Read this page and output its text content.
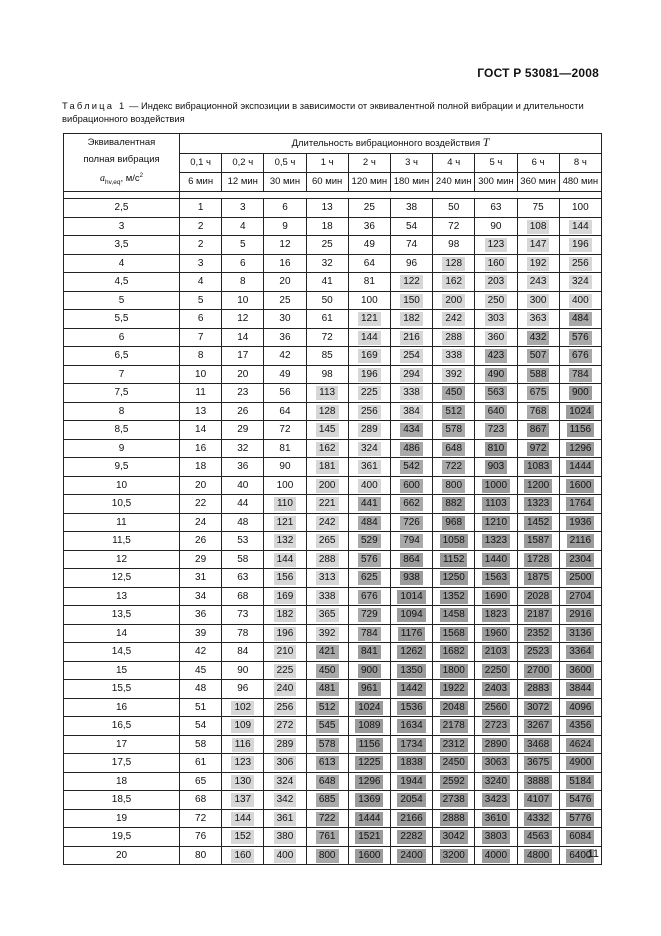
ГОСТ Р 53081—2008
Таблица 1 — Индекс вибрационной экспозиции в зависимости от эквивалентной полной вибрации и длительности вибрационного воздействия
Эквивалентная
полная вибрация
$a_{hv,eq}$, $м/с^2$	Длительность вибрационного воздействия T									
	0,1 ч	0,2 ч	0,5 ч	1 ч	2 ч	3 ч	4 ч	5 ч	6 ч	8 ч
	6 мин	12 мин	30 мин	60 мин	120 мин	180 мин	240 мин	300 мин	360 мин	480 мин

2,5	1	3	6	13	25	38	50	63	75	100
3	2	4	9	18	36	54	72	90	108	144
3,5	2	5	12	25	49	74	98	123	147	196
4	3	6	16	32	64	96	128	160	192	256
4,5	4	8	20	41	81	122	162	203	243	324
5	5	10	25	50	100	150	200	250	300	400
5,5	6	12	30	61	121	182	242	303	363	484
6	7	14	36	72	144	216	288	360	432	576
6,5	8	17	42	85	169	254	338	423	507	676
7	10	20	49	98	196	294	392	490	588	784
7,5	11	23	56	113	225	338	450	563	675	900
8	13	26	64	128	256	384	512	640	768	1024
8,5	14	29	72	145	289	434	578	723	867	1156
9	16	32	81	162	324	486	648	810	972	1296
9,5	18	36	90	181	361	542	722	903	1083	1444
10	20	40	100	200	400	600	800	1000	1200	1600
10,5	22	44	110	221	441	662	882	1103	1323	1764
11	24	48	121	242	484	726	968	1210	1452	1936
11,5	26	53	132	265	529	794	1058	1323	1587	2116
12	29	58	144	288	576	864	1152	1440	1728	2304
12,5	31	63	156	313	625	938	1250	1563	1875	2500
13	34	68	169	338	676	1014	1352	1690	2028	2704
13,5	36	73	182	365	729	1094	1458	1823	2187	2916
14	39	78	196	392	784	1176	1568	1960	2352	3136
14,5	42	84	210	421	841	1262	1682	2103	2523	3364
15	45	90	225	450	900	1350	1800	2250	2700	3600
15,5	48	96	240	481	961	1442	1922	2403	2883	3844
16	51	102	256	512	1024	1536	2048	2560	3072	4096
16,5	54	109	272	545	1089	1634	2178	2723	3267	4356
17	58	116	289	578	1156	1734	2312	2890	3468	4624
17,5	61	123	306	613	1225	1838	2450	3063	3675	4900
18	65	130	324	648	1296	1944	2592	3240	3888	5184
18,5	68	137	342	685	1369	2054	2738	3423	4107	5476
19	72	144	361	722	1444	2166	2888	3610	4332	5776
19,5	76	152	380	761	1521	2282	3042	3803	4563	6084
20	80	160	400	800	1600	2400	3200	4000	4800	6400
11
